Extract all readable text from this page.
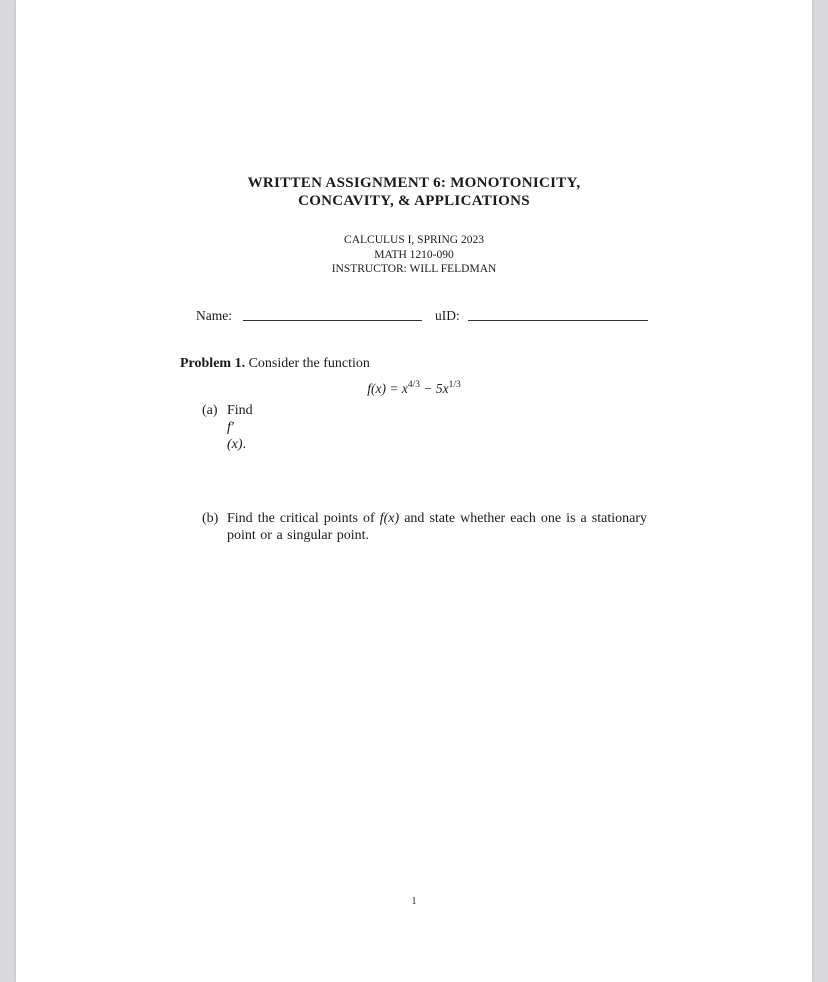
WRITTEN ASSIGNMENT 6: MONOTONICITY,
CONCAVITY, & APPLICATIONS
CALCULUS I, SPRING 2023
MATH 1210-090
INSTRUCTOR: WILL FELDMAN
Name:	uID:
Problem 1. Consider the function
$f(x) = x^{4/3} - 5x^{1/3}$
(a) Find f′(x).
(b) Find the critical points of f(x) and state whether each one is a stationary point or a singular point.
1
